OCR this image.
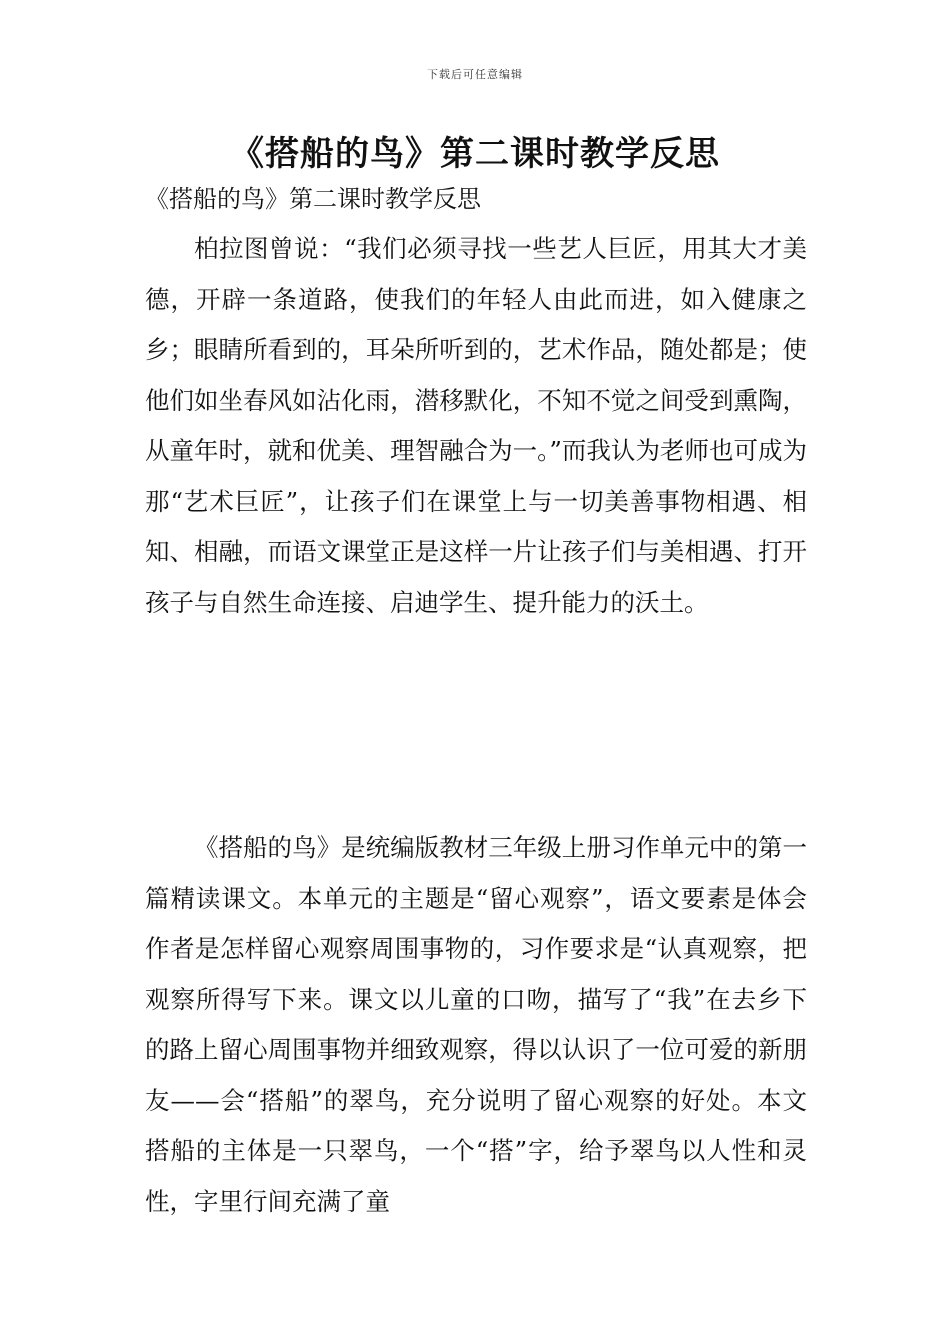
下载后可任意编辑
《搭船的鸟》第二课时教学反思
《搭船的鸟》第二课时教学反思

柏拉图曾说：“我们必须寻找一些艺人巨匠，用其大才美德，开辟一条道路，使我们的年轻人由此而进，如入健康之乡；眼睛所看到的，耳朵所听到的，艺术作品，随处都是；使他们如坐春风如沾化雨，潜移默化，不知不觉之间受到熏陶，从童年时，就和优美、理智融合为一。”而我认为老师也可成为那“艺术巨匠”，让孩子们在课堂上与一切美善事物相遇、相知、相融，而语文课堂正是这样一片让孩子们与美相遇、打开孩子与自然生命连接、启迪学生、提升能力的沃土。

《搭船的鸟》是统编版教材三年级上册习作单元中的第一篇精读课文。本单元的主题是“留心观察”，语文要素是体会作者是怎样留心观察周围事物的，习作要求是“认真观察，把观察所得写下来。课文以儿童的口吻，描写了“我”在去乡下的路上留心周围事物并细致观察，得以认识了一位可爱的新朋友——会“搭船”的翠鸟，充分说明了留心观察的好处。本文搭船的主体是一只翠鸟，一个“搭”字，给予翠鸟以人性和灵性，字里行间充满了童
